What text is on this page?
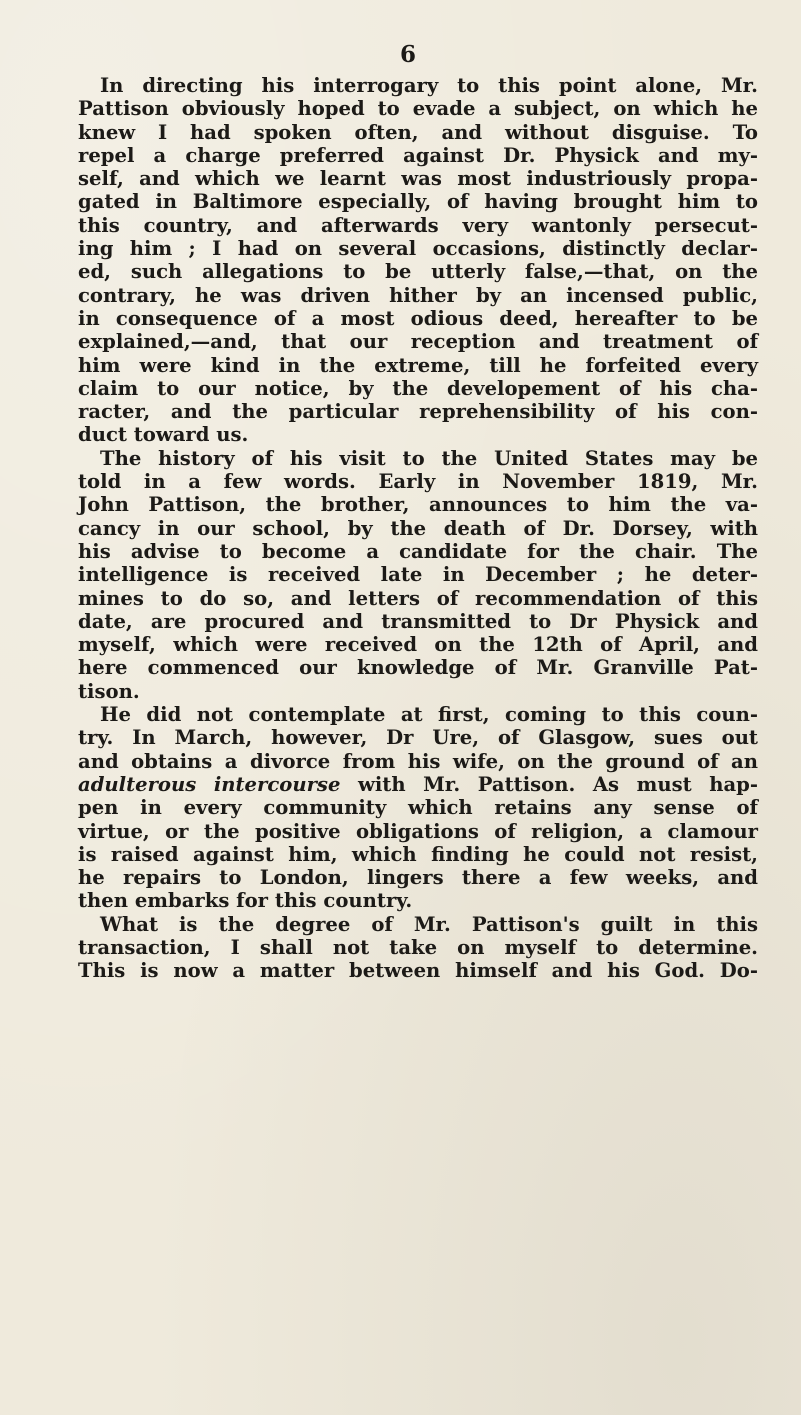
6
In directing his interrogary to this point alone, Mr.
Pattison obviously hoped to evade a subject, on which he
knew I had spoken often, and without disguise. To
repel a charge preferred against Dr. Physick and my-
self, and which we learnt was most industriously propa-
gated in Baltimore especially, of having brought him to
this country, and afterwards very wantonly persecut-
ing him ; I had on several occasions, distinctly declar-
ed, such allegations to be utterly false,—that, on the
contrary, he was driven hither by an incensed public,
in consequence of a most odious deed, hereafter to be
explained,—and, that our reception and treatment of
him were kind in the extreme, till he forfeited every
claim to our notice, by the developement of his cha-
racter, and the particular reprehensibility of his con-
duct toward us.
The history of his visit to the United States may be
told in a few words. Early in November 1819, Mr.
John Pattison, the brother, announces to him the va-
cancy in our school, by the death of Dr. Dorsey, with
his advise to become a candidate for the chair. The
intelligence is received late in December ; he deter-
mines to do so, and letters of recommendation of this
date, are procured and transmitted to Dr Physick and
myself, which were received on the 12th of April, and
here commenced our knowledge of Mr. Granville Pat-
tison.
He did not contemplate at first, coming to this coun-
try. In March, however, Dr Ure, of Glasgow, sues out
and obtains a divorce from his wife, on the ground of an
adulterous intercourse with Mr. Pattison. As must hap-
pen in every community which retains any sense of
virtue, or the positive obligations of religion, a clamour
is raised against him, which finding he could not resist,
he repairs to London, lingers there a few weeks, and
then embarks for this country.
What is the degree of Mr. Pattison's guilt in this
transaction, I shall not take on myself to determine.
This is now a matter between himself and his God. Do-
